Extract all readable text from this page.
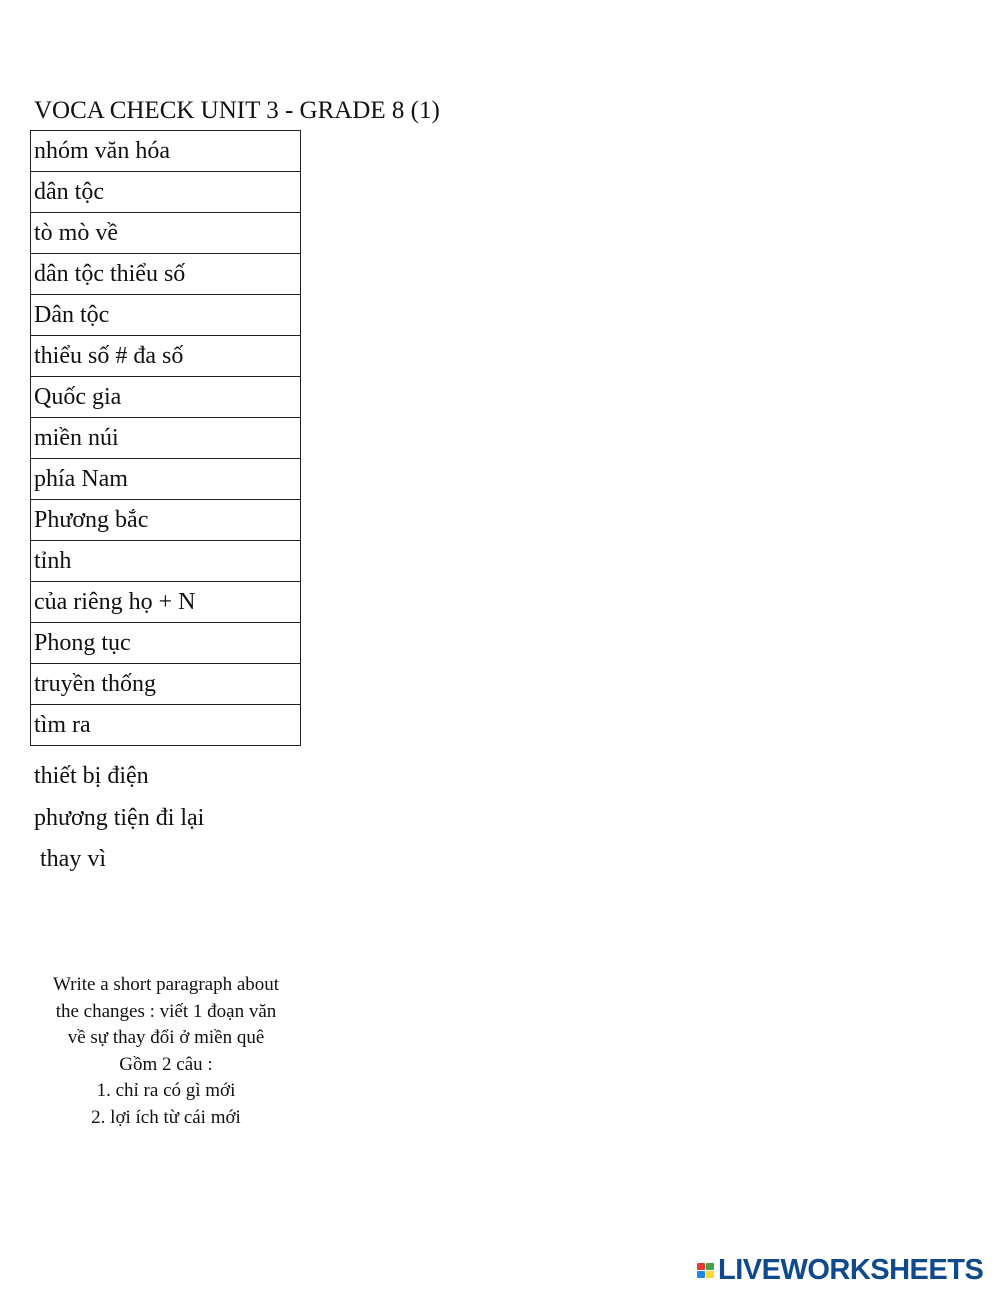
VOCA CHECK UNIT 3 - GRADE 8 (1)
nhóm văn hóa
dân tộc
tò mò về
dân tộc thiểu số
Dân tộc
thiểu số # đa số
Quốc gia
miền núi
phía Nam
Phương bắc
tỉnh
của riêng họ + N
Phong tục
truyền thống
tìm ra
thiết bị điện
phương tiện đi lại
thay vì
Write a short paragraph about
the changes : viết 1 đoạn văn
về sự thay đổi ở miền quê
Gồm 2 câu :
1. chỉ ra có gì mới
2. lợi ích từ cái mới
LIVEWORKSHEETS
